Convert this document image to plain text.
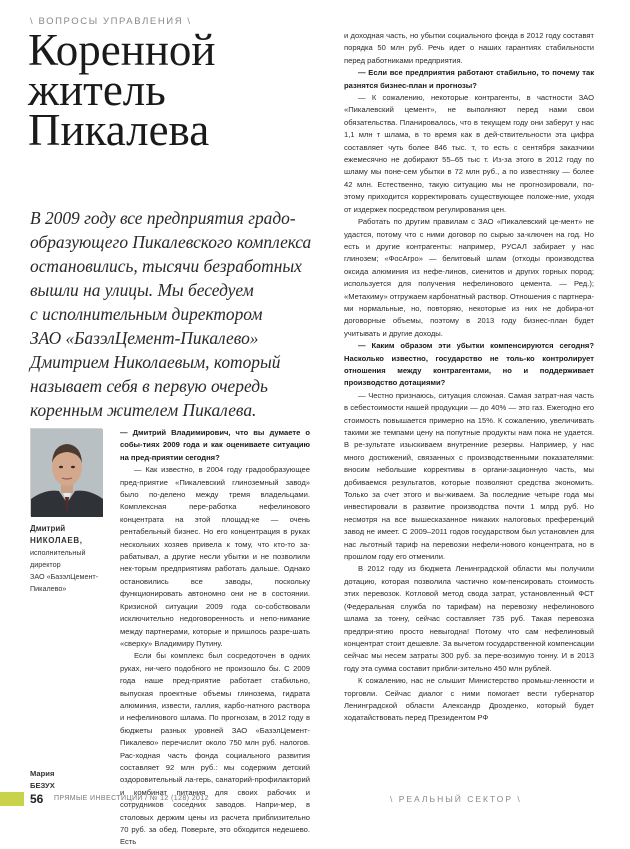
\ ВОПРОСЫ УПРАВЛЕНИЯ \
Коренной
житель
Пикалева
В 2009 году все предприятия градо-
образующего Пикалевского комплекса
остановились, тысячи безработных
вышли на улицы. Мы беседуем
с исполнительным директором
ЗАО «БазэлЦемент-Пикалево»
Дмитрием Николаевым, который
называет себя в первую очередь
коренным жителем Пикалева.
Дмитрий
НИКОЛАЕВ,
исполнительный
директор
ЗАО «БазэлЦемент-
Пикалево»
Мария
БЕЗУХ

— Дмитрий Владимирович, что вы думаете о собы-тиях 2009 года и как оцениваете ситуацию на пред-приятии сегодня?

— Как известно, в 2004 году градообразующее пред-приятие «Пикалевский глиноземный завод» было по-делено между тремя владельцами. Комплексная пере-работка нефелинового концентрата на этой площад-ке — очень рентабельный бизнес. Но его концентрация в руках нескольких хозяев привела к тому, что кто-то за-рабатывал, а другие несли убытки и не позволили нек-торым предприятиям работать дальше. Однако остановились все заводы, поскольку функционировать автономно они не в состоянии. Кризисной ситуации 2009 года со-собствовали исключительно недоговоренность и непо-нимание между партнерами, которые и пришлось разре-шать «сверху» Владимиру Путину.

Если бы комплекс был сосредоточен в одних руках, ни-чего подобного не произошло бы. С 2009 года наше пред-приятие работает стабильно, выпуская проектные объемы глиноземa, гидрата алюминия, извести, галлия, карбо-натного раствора и нефелинового шлама. По прогнозам, в 2012 году в бюджеты разных уровней ЗАО «БазэлЦемент-Пикалево» перечислит около 750 млн руб. налогов. Рас-ходная часть фонда социального развития составляет 92 млн руб.: мы содержим детский оздоровительный ла-герь, санаторий-профилакторий и комбинат питания для своих рабочих и сотрудников соседних заводов. Напри-мер, в столовых держим цены из расчета приблизительно 70 руб. за обед. Поверьте, это обходится недешево. Есть

и доходная часть, но убытки социального фонда в 2012 году составят порядка 50 млн руб. Речь идет о наших гарантиях стабильности перед работниками предприятия.

— Если все предприятия работают стабильно, то почему так разнятся бизнес-план и прогнозы?

— К сожалению, некоторые контрагенты, в частности ЗАО «Пикалевский цемент», не выполняют перед нами свои обязательства. Планировалось, что в текущем году они заберут у нас 1,1 млн т шлама, в то время как в дей-ствительности эта цифра составляет чуть более 846 тыс. т, то есть с сентября заказчики ежемесячно не добирают 55–65 тыс т. Из-за этого в 2012 году по шламу мы поне-сем убытки в 72 млн руб., а по известняку — более 42 млн. Естественно, такую ситуацию мы не прогнозировали, по-этому приходится корректировать существующее положе-ние, уходя от издержек посредством регулирования цен.

Работать по другим правилам с ЗАО «Пикалевский це-мент» не удастся, потому что с ними договор по сырью за-ключен на год. Но есть и другие контрагенты: например, РУСАЛ забирает у нас глинозем; «ФосАгро» — белитовый шлам (отходы производства оксида алюминия из нефе-линов, сиенитов и других горных пород; используется для получения нефелинового цемента. — Ред.); «Метахиму» отгружаем карбонатный раствор. Отношения с партнера-ми нормальные, но, повторяю, некоторые из них не добира-ют договорные объемы, поэтому в 2013 году бизнес-план будет учитывать и другие доходы.

— Каким образом эти убытки компенсируются сегодня? Насколько известно, государство не толь-ко контролирует отношения между контрагентами, но и поддерживает производство дотациями?

— Честно признаюсь, ситуация сложная. Самая затрат-ная часть в себестоимости нашей продукции — до 40% — это газ. Ежегодно его стоимость повышается примерно на 15%. К сожалению, увеличивать такими же темпами цену на попутные продукты нам пока не удается. В ре-зультате изыскиваем внутренние резервы. Например, у нас много достижений, связанных с производственными показателями: вносим небольшие коррективы в органи-зационную часть, мы добиваемся результатов, которые позволяют средства экономить. Только за счет этого и вы-живаем. За последние четыре года мы инвестировали в развитие производства почти 1 млрд руб. Но несмотря на все вышесказанное никаких налоговых преференций завод не имеет. С 2009–2011 годов государством был установлен для нас льготный тариф на перевозки нефели-нового концентрата, но в прошлом году его отменили.

В 2012 году из бюджета Ленинградской области мы получили дотацию, которая позволила частично ком-пенсировать стоимость этих перевозок. Котловой метод свода затрат, установленный ФСТ (Федеральная служба по тарифам) на перевозку нефелинового шлама за тонну, сейчас составляет 735 руб. Такая перевозка предпри-ятию просто невыгодна! Потому что сам нефелиновый концентрат стоит дешевле. За вычетом государственной компенсации сейчас мы несем затраты 300 руб. за пере-возимую тонну. И в 2013 году эта сумма составит прибли-зительно 450 млн рублей.

К сожалению, нас не слышит Министерство промыш-ленности и торговли. Сейчас диалог с ними помогает вести губернатор Ленинградской области Александр Дрозденко, который будет ходатайствовать перед Президентом РФ

56 ПРЯМЫЕ ИНВЕСТИЦИИ / № 12 (128) 2012	\ РЕАЛЬНЫЙ СЕКТОР \
